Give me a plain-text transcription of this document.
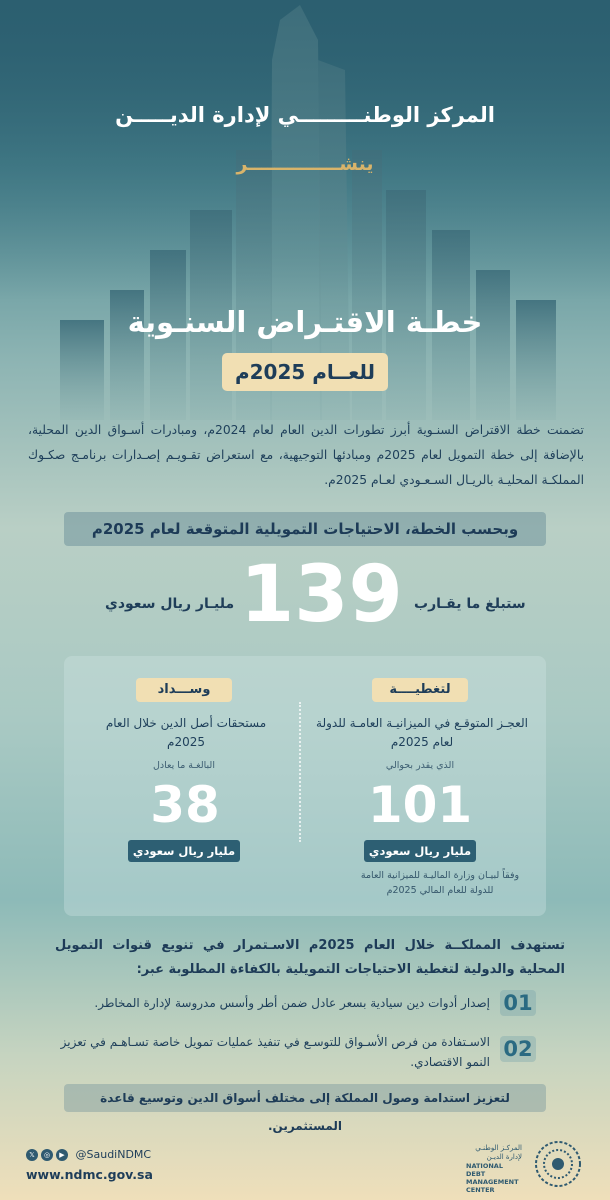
المركز الوطنـــــــــي لإدارة الديـــــن
ينشــــــــــــــر
خطـة الاقتـراض السنـوية
للعــام 2025م
تضمنت خطة الاقتراض السنـوية أبرز تطورات الدين العام لعام 2024م، ومبادرات أسـواق الدين المحلية، بالإضافة إلى خطة التمويل لعام 2025م ومبادئها التوجيهية، مع استعراض تقـويـم إصـدارات برنامـج صكـوك المملكـة المحليـة بالريـال السـعـودي لعـام 2025م.
وبحسب الخطة، الاحتياجات التمويلية المتوقعة لعام 2025م
ستبلغ ما يقـارب
139
مليـار ريال سعودي
لتغطيــــة
العجـز المتوقـع في الميزانيـة العامـة للدولة لعام 2025م
الذي يقدر بحوالي
101
مليار ريال سعودي
وفقاً لبيـان وزارة الماليـة للميزانية العامة للدولة للعام المالي 2025م
وســـداد
مستحقات أصل الدين خلال العام 2025م
البالغـة ما يعادل
38
مليار ريال سعودي
تستهدف المملكــة خلال العام 2025م الاسـتمرار في تنويع قنوات التمويل المحلية والدولية لتغطية الاحتياجات التمويلية بالكفاءة المطلوبة عبر:
01
إصدار أدوات دين سيادية بسعر عادل ضمن أطر وأسس مدروسة لإدارة المخاطر.
02
الاسـتفادة من فرص الأسـواق للتوسـع في تنفيذ عمليات تمويل خاصة تسـاهـم في تعزيز النمو الاقتصادي.
لتعزيز استدامة وصول المملكة إلى مختلف أسواق الدين وتوسيع قاعدة المستثمرين.
𝕏	◎	▶ @SaudiNDMC
www.ndmc.gov.sa
المركـز الوطنـي لإدارة الديـن
NATIONAL DEBT MANAGEMENT CENTER
